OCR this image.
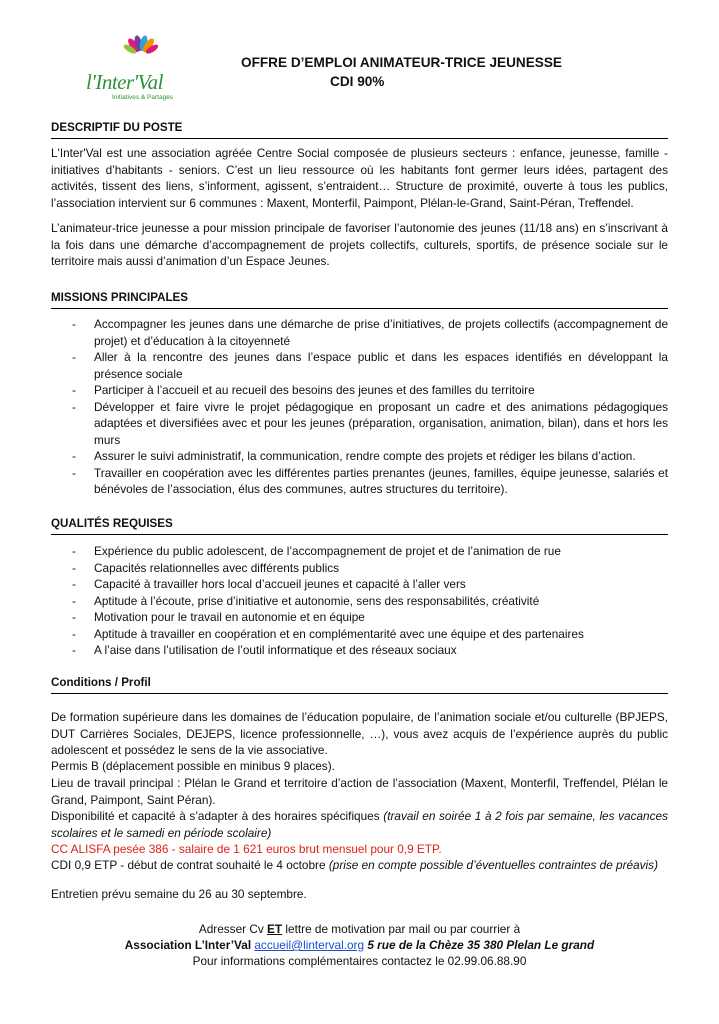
l'Inter'Val
Initiatives & Partages
OFFRE D’EMPLOI ANIMATEUR-TRICE JEUNESSE
CDI 90%
DESCRIPTIF DU POSTE

L'Inter'Val est une association agréée Centre Social composée de plusieurs secteurs : enfance, jeunesse, famille - initiatives d’habitants - seniors. C’est un lieu ressource où les habitants font germer leurs idées, partagent des activités, tissent des liens, s’informent, agissent, s’entraident… Structure de proximité, ouverte à tous les publics, l’association intervient sur 6 communes : Maxent, Monterfil, Paimpont, Plélan-le-Grand, Saint-Péran, Treffendel.

L’animateur-trice jeunesse a pour mission principale de favoriser l’autonomie des jeunes (11/18 ans) en s’inscrivant à la fois dans une démarche d’accompagnement de projets collectifs, culturels, sportifs, de présence sociale sur le territoire mais aussi d’animation d’un Espace Jeunes.

MISSIONS PRINCIPALES
- Accompagner les jeunes dans une démarche de prise d’initiatives, de projets collectifs (accompagnement de projet) et d’éducation à la citoyenneté
- Aller à la rencontre des jeunes dans l’espace public et dans les espaces identifiés en développant la présence sociale
- Participer à l’accueil et au recueil des besoins des jeunes et des familles du territoire
- Développer et faire vivre le projet pédagogique en proposant un cadre et des animations pédagogiques adaptées et diversifiées avec et pour les jeunes (préparation, organisation, animation, bilan), dans et hors les murs
- Assurer le suivi administratif, la communication, rendre compte des projets et rédiger les bilans d’action.
- Travailler en coopération avec les différentes parties prenantes (jeunes, familles, équipe jeunesse, salariés et bénévoles de l’association, élus des communes, autres structures du territoire).
QUALITÉS REQUISES
- Expérience du public adolescent, de l’accompagnement de projet et de l’animation de rue
- Capacités relationnelles avec différents publics
- Capacité à travailler hors local d’accueil jeunes et capacité à l’aller vers
- Aptitude à l’écoute, prise d’initiative et autonomie, sens des responsabilités, créativité
- Motivation pour le travail en autonomie et en équipe
- Aptitude à travailler en coopération et en complémentarité avec une équipe et des partenaires
- A l’aise dans l’utilisation de l’outil informatique et des réseaux sociaux
Conditions / Profil

De formation supérieure dans les domaines de l’éducation populaire, de l’animation sociale et/ou culturelle (BPJEPS, DUT Carrières Sociales, DEJEPS, licence professionnelle, …), vous avez acquis de l’expérience auprès du public adolescent et possédez le sens de la vie associative.

Permis B (déplacement possible en minibus 9 places).

Lieu de travail principal : Plélan le Grand et territoire d’action de l’association (Maxent, Monterfil, Treffendel, Plélan le Grand, Paimpont, Saint Péran).

Disponibilité et capacité à s’adapter à des horaires spécifiques (travail en soirée 1 à 2 fois par semaine, les vacances scolaires et le samedi en période scolaire)

CC ALISFA pesée 386 - salaire de 1 621 euros brut mensuel pour 0,9 ETP.

CDI 0,9 ETP - début de contrat souhaité le 4 octobre (prise en compte possible d’éventuelles contraintes de préavis)

Entretien prévu semaine du 26 au 30 septembre.

Adresser Cv ET lettre de motivation par mail ou par courrier à
Association L’Inter’Val accueil@linterval.org 5 rue de la Chèze 35 380 Plelan Le grand
Pour informations complémentaires contactez le 02.99.06.88.90
